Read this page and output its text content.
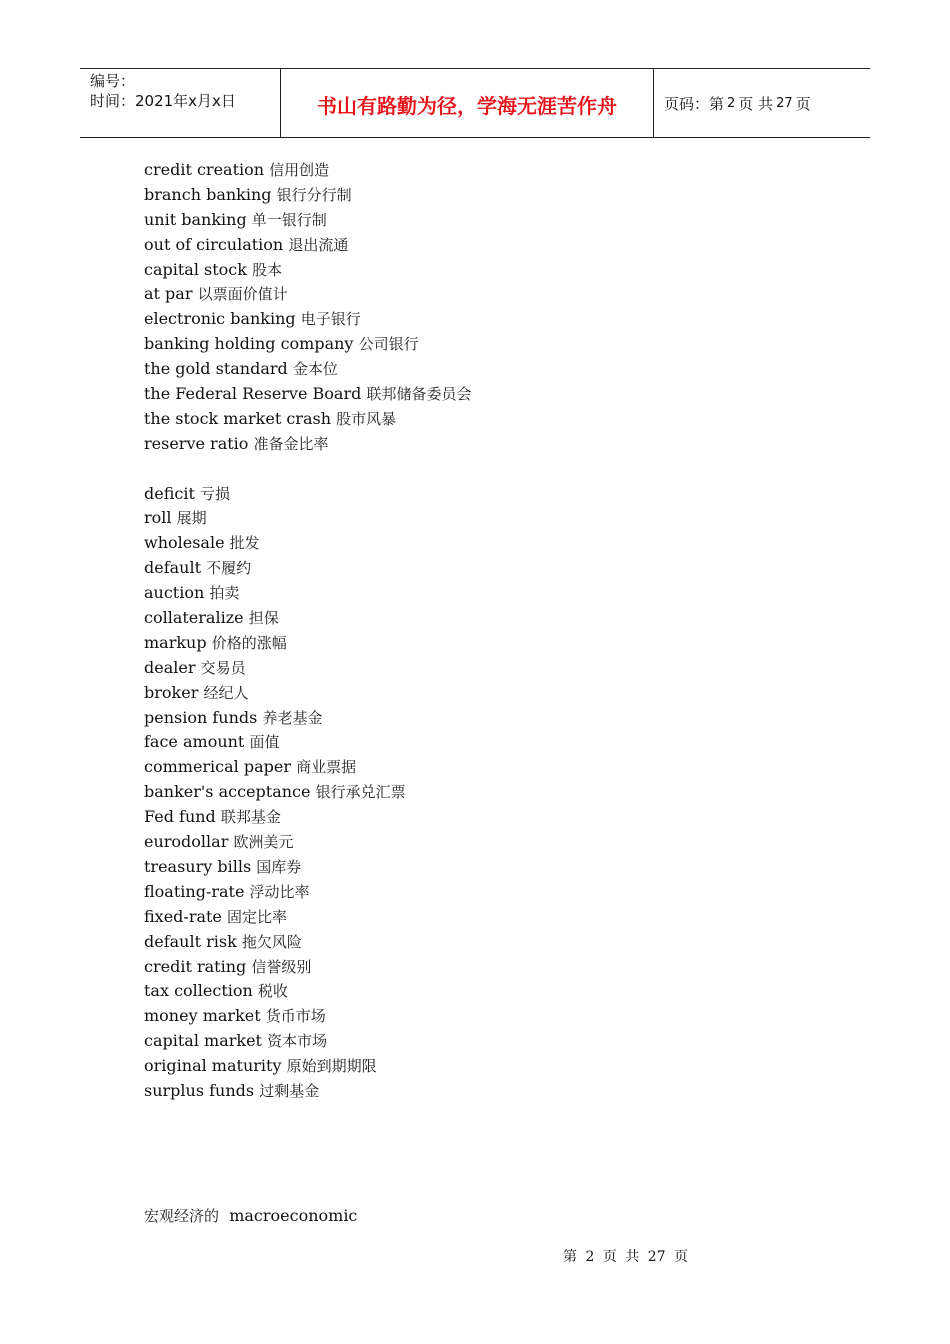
编号：
时间：2021年x月x日	书山有路勤为径，学海无涯苦作舟	页码：第 2 页 共 27 页
credit creation 信用创造
branch banking 银行分行制
unit banking 单一银行制
out of circulation 退出流通
capital stock 股本
at par 以票面价值计
electronic banking 电子银行
banking holding company 公司银行
the gold standard 金本位
the Federal Reserve Board 联邦储备委员会
the stock market crash 股市风暴
reserve ratio 准备金比率
deficit 亏损
roll 展期
wholesale 批发
default 不履约
auction 拍卖
collateralize 担保
markup 价格的涨幅
dealer 交易员
broker 经纪人
pension funds 养老基金
face amount 面值
commerical paper 商业票据
banker's acceptance 银行承兑汇票
Fed fund 联邦基金
eurodollar 欧洲美元
treasury bills 国库券
floating-rate 浮动比率
fixed-rate 固定比率
default risk 拖欠风险
credit rating 信誉级别
tax collection 税收
money market 货币市场
capital market 资本市场
original maturity 原始到期期限
surplus funds 过剩基金
宏观经济的 macroeconomic
第 2 页 共 27 页
